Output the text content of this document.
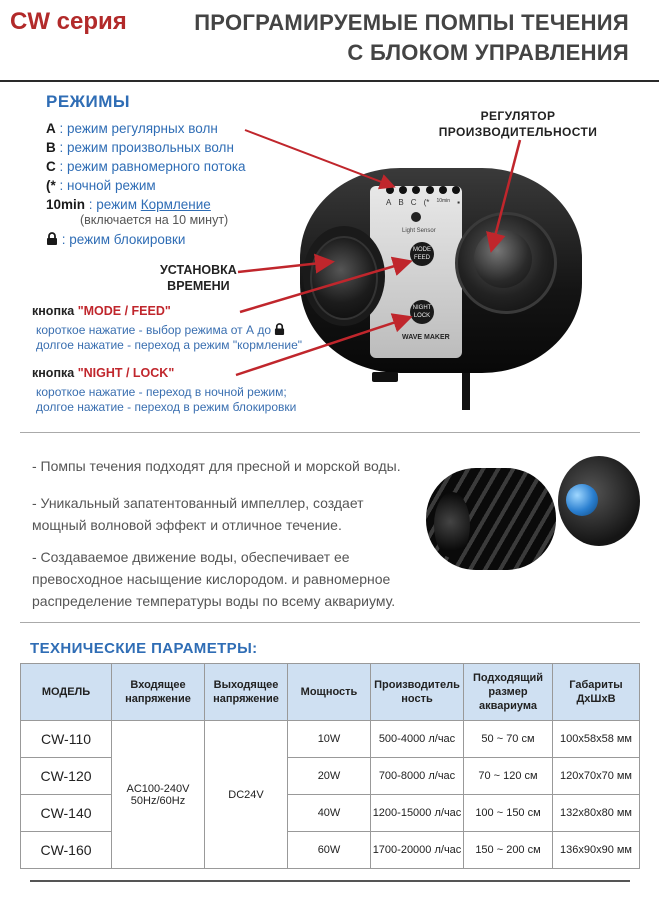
CW серия	ПРОГРАМИРУЕМЫЕ ПОМПЫ ТЕЧЕНИЯ
С БЛОКОМ УПРАВЛЕНИЯ
РЕЖИМЫ
A : режим регулярных волн
B : режим произвольных волн
C : режим равномерного потока
(* : ночной режим
10min : режим Кормление
(включается на 10 минут)
: режим блокировки
РЕГУЛЯТОР
ПРОИЗВОДИТЕЛЬНОСТИ
УСТАНОВКА
ВРЕМЕНИ
кнопка "MODE / FEED"
короткое нажатие - выбор режима от А до
долгое нажатие - переход а режим "кормление"
кнопка "NIGHT / LOCK"
короткое нажатие - переход в ночной режим;
долгое нажатие - переход в режим блокировки
A B C (* 10min ▪
Light Sensor
MODE FEED
NIGHT LOCK
WAVE MAKER
- Помпы течения подходят для пресной и морской воды.
- Уникальный запатентованный импеллер, создает мощный волновой эффект и отличное течение.
- Создаваемое движение воды, обеспечивает ее превосходное насыщение кислородом. и равномерное распределение температуры воды по всему аквариуму.
ТЕХНИЧЕСКИЕ ПАРАМЕТРЫ:
МОДЕЛЬ	Входящее напряжение	Выходящее напряжение	Мощность	Производитель ность	Подходящий размер аквариума	Габариты ДхШхВ
CW-110	AC100-240V 50Hz/60Hz	DC24V	10W	500-4000 л/час	50 ~ 70 см	100x58x58 мм
CW-120			20W	700-8000 л/час	70 ~ 120 см	120x70x70 мм
CW-140			40W	1200-15000 л/час	100 ~ 150 см	132x80x80 мм
CW-160			60W	1700-20000 л/час	150 ~ 200 см	136x90x90 мм
